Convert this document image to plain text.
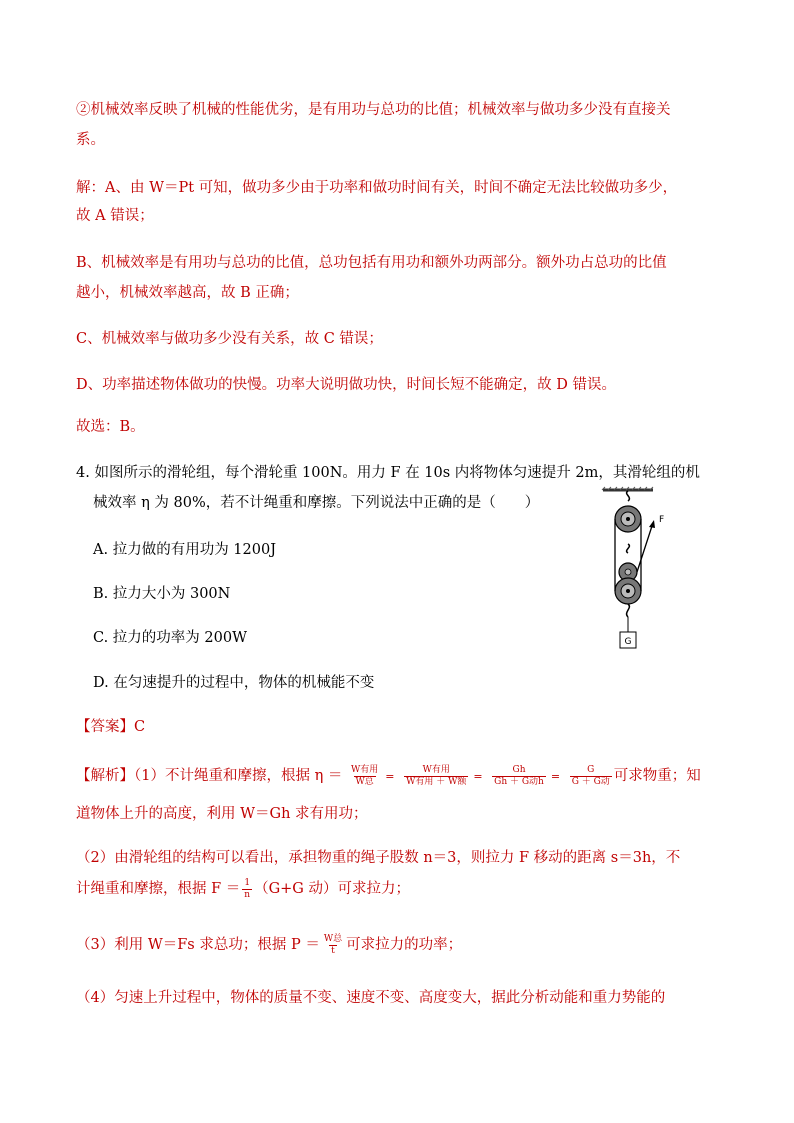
②机械效率反映了机械的性能优劣，是有用功与总功的比值；机械效率与做功多少没有直接关
系。
解：A、由 W＝Pt 可知，做功多少由于功率和做功时间有关，时间不确定无法比较做功多少，
故 A 错误；
B、机械效率是有用功与总功的比值，总功包括有用功和额外功两部分。额外功占总功的比值
越小，机械效率越高，故 B 正确；
C、机械效率与做功多少没有关系，故 C 错误；
D、功率描述物体做功的快慢。功率大说明做功快，时间长短不能确定，故 D 错误。
故选：B。
4. 如图所示的滑轮组，每个滑轮重 100N。用力 F 在 10s 内将物体匀速提升 2m，其滑轮组的机
械效率 η 为 80%，若不计绳重和摩擦。下列说法中正确的是（　　）
A. 拉力做的有用功为 1200J
B. 拉力大小为 300N
C. 拉力的功率为 200W
D. 在匀速提升的过程中，物体的机械能不变
F
G
【答案】C
【解析】（1）不计绳重和摩擦，根据 $\eta = \frac{\text{W有用}}{\text{W总}} = \frac{\text{W有用}}{\text{W有用 ＋ W额}} = \frac{Gh}{\text{Gh ＋ G动h}} = \frac{G}{\text{G ＋ G动}}$ 可求物重；知
道物体上升的高度，利用 W＝Gh 求有用功；
（2）由滑轮组的结构可以看出，承担物重的绳子股数 n＝3，则拉力 F 移动的距离 s＝3h，不
计绳重和摩擦，根据 $F = \frac{1}{n} (G+G$ 动）可求拉力；
（3）利用 W＝Fs 求总功；根据 $P = \frac{\text{W总}}{t}$ 可求拉力的功率；
（4）匀速上升过程中，物体的质量不变、速度不变、高度变大，据此分析动能和重力势能的
